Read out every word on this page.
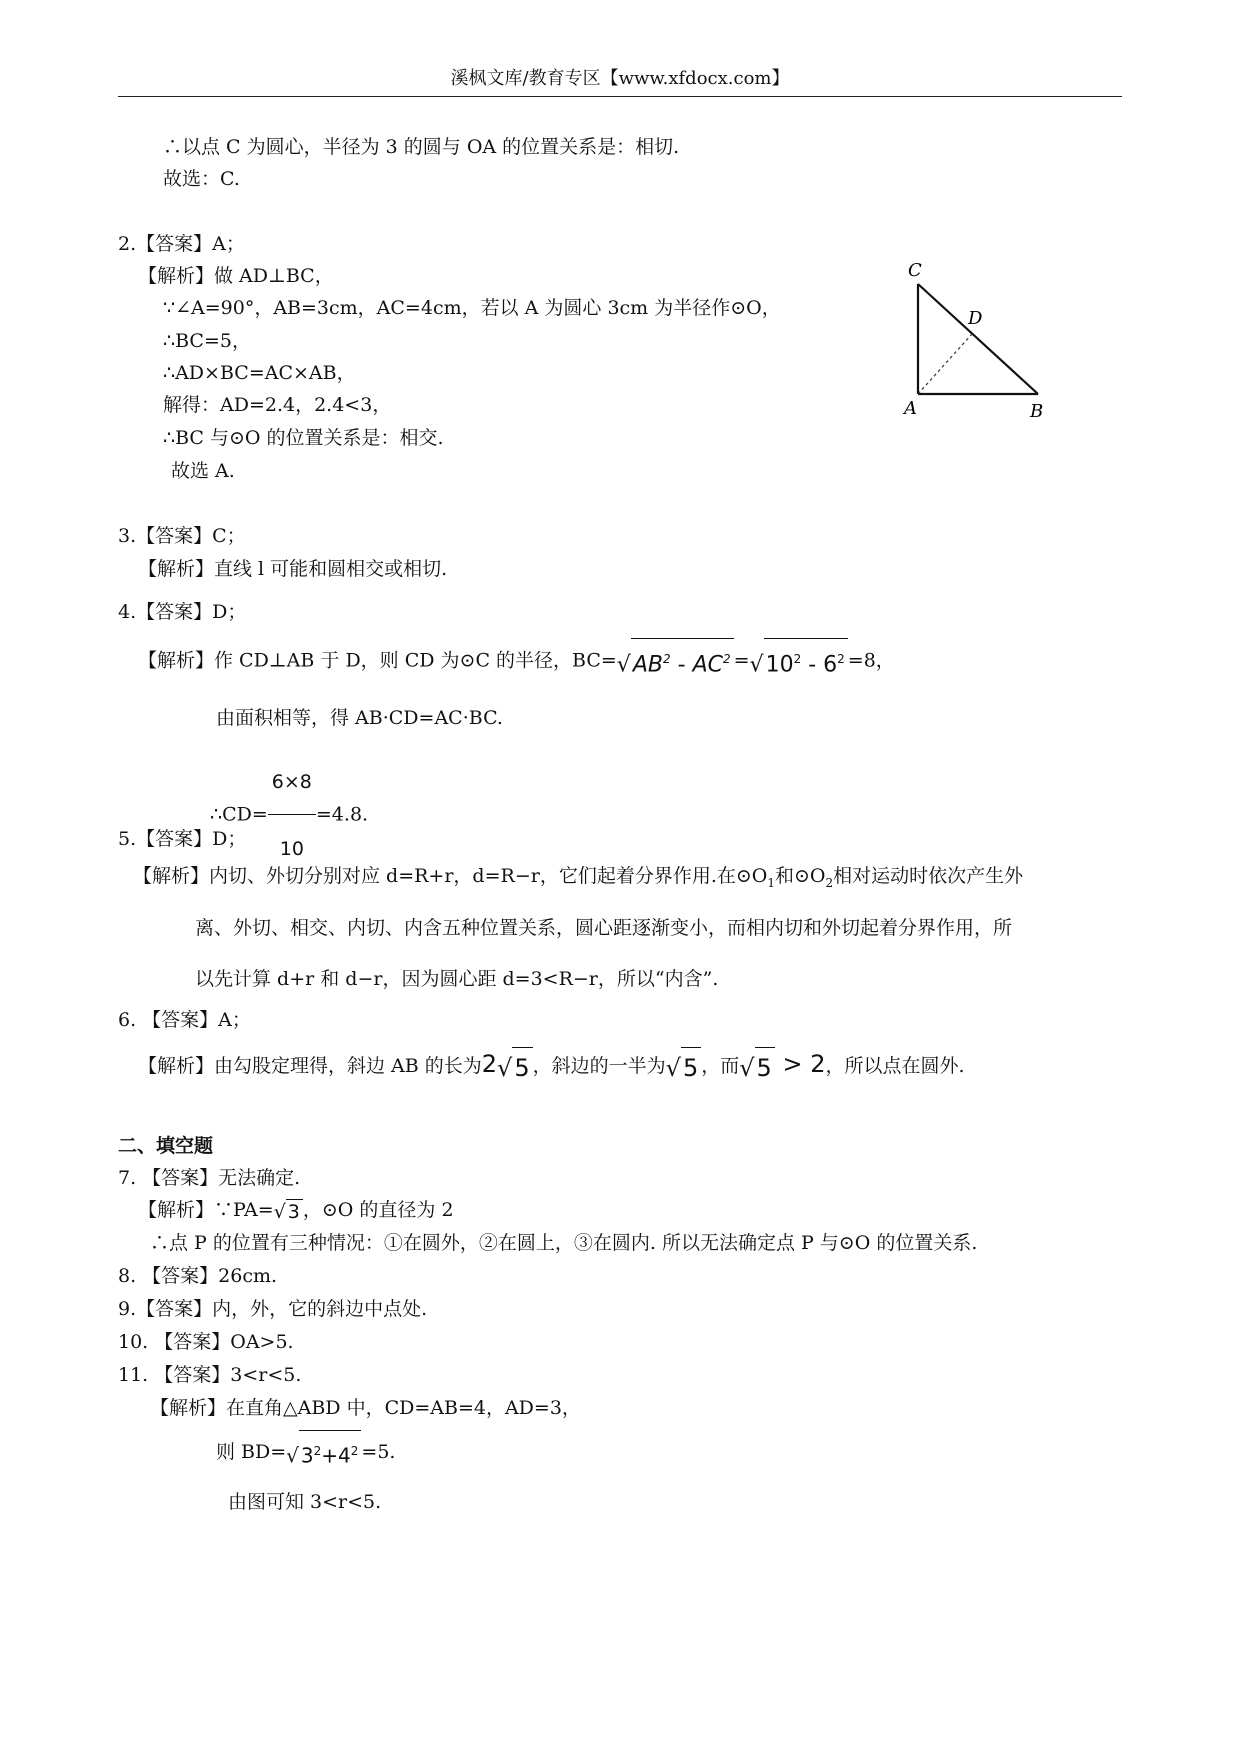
溪枫文库/教育专区【www.xfdocx.com】
∴以点 C 为圆心，半径为 3 的圆与 OA 的位置关系是：相切.
故选：C.
2.【答案】A；
【解析】做 AD⊥BC，
∵∠A=90°，AB=3cm，AC=4cm，若以 A 为圆心 3cm 为半径作⊙O，
∴BC=5，
∴AD×BC=AC×AB，
解得：AD=2.4，2.4<3，
∴BC 与⊙O 的位置关系是：相交.
故选 A.
C
D
A	B
3.【答案】C；
【解析】直线 l 可能和圆相交或相切.
4.【答案】D；
【解析】作 CD⊥AB 于 D，则 CD 为⊙C 的半径，$BC=√AB^2 - AC^2 =√10^2 - 6^2 =8$，
由面积相等，得 AB·CD=AC·BC.
∴CD= $\frac{6\times 8}{10} =4.8$.
5.【答案】D；
【解析】内切、外切分别对应 d=R+r，d=R−r，它们起着分界作用.在$⊙O_1$和$⊙O_2$相对运动时依次产生外
离、外切、相交、内切、内含五种位置关系，圆心距逐渐变小，而相内切和外切起着分界作用，所
以先计算 d+r 和 d−r，因为圆心距 d=3<R−r，所以“内含”.
6. 【答案】A；
【解析】由勾股定理得，斜边 AB 的长为2√5 ，斜边的一半为√5 ，而√5 > 2，所以点在圆外.
二、填空题
7. 【答案】无法确定.
【解析】∵PA=√ 3 ，⊙O 的直径为 2
∴点 P 的位置有三种情况：①在圆外，②在圆上，③在圆内. 所以无法确定点 P 与⊙O 的位置关系.
8. 【答案】26cm.
9.【答案】内，外，它的斜边中点处.
10. 【答案】OA>5.
11. 【答案】3<r<5.
【解析】在直角△ABD 中，CD=AB=4，AD=3，
则 BD=√ $3^2+4^2 =5$.
由图可知 3<r<5.
